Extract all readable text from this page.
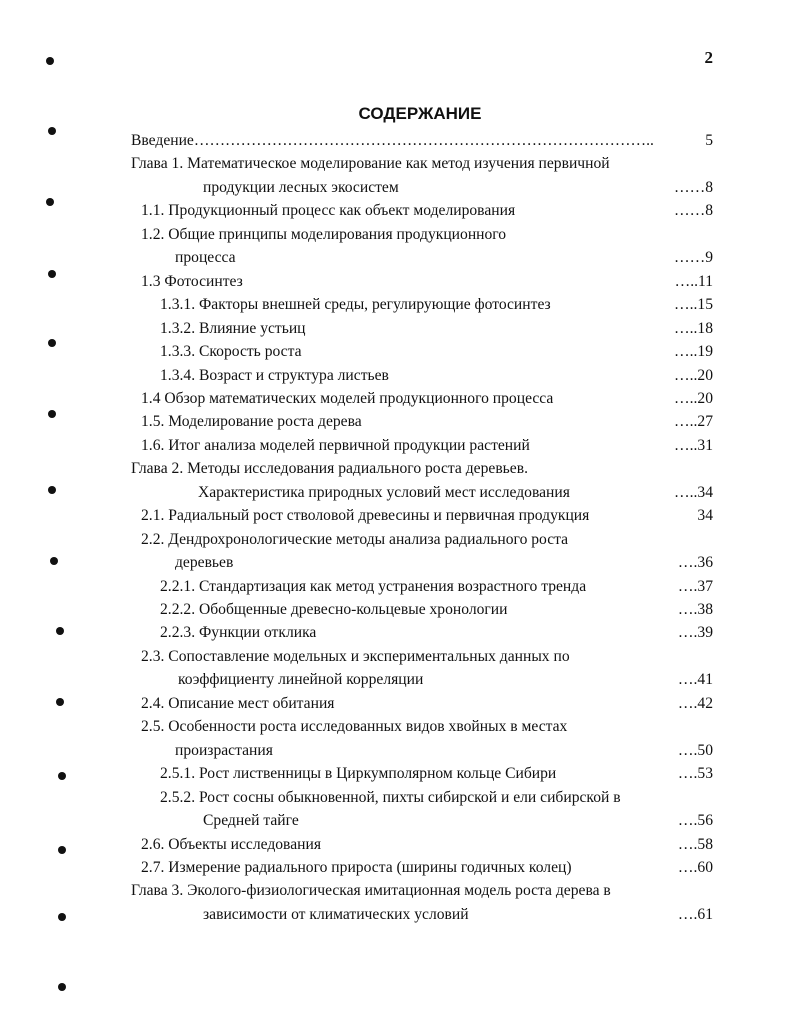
2
СОДЕРЖАНИЕ
Введение……………………………………………………………………………..	5
Глава 1. Математическое моделирование как метод изучения первичной
продукции лесных экосистем	……8
1.1. Продукционный процесс как объект моделирования	……8
1.2. Общие принципы моделирования продукционного
процесса	……9
1.3 Фотосинтез	…..11
1.3.1. Факторы внешней среды, регулирующие фотосинтез	…..15
1.3.2. Влияние устьиц	…..18
1.3.3. Скорость роста	…..19
1.3.4. Возраст и структура листьев	…..20
1.4 Обзор математических моделей продукционного процесса	…..20
1.5. Моделирование роста дерева	…..27
1.6. Итог анализа моделей первичной продукции растений	…..31
Глава 2. Методы исследования радиального роста деревьев.
Характеристика природных условий мест исследования	…..34
2.1. Радиальный рост стволовой древесины и первичная продукция	34
2.2. Дендрохронологические методы анализа радиального роста
деревьев	….36
2.2.1. Стандартизация как метод устранения возрастного тренда	….37
2.2.2. Обобщенные древесно-кольцевые хронологии	….38
2.2.3. Функции отклика	….39
2.3. Сопоставление модельных и экспериментальных данных по
коэффициенту линейной корреляции	….41
2.4. Описание мест обитания	….42
2.5. Особенности роста исследованных видов хвойных в местах
произрастания	….50
2.5.1. Рост лиственницы в Циркумполярном кольце Сибири	….53
2.5.2. Рост сосны обыкновенной, пихты сибирской и ели сибирской в
Средней тайге	….56
2.6. Объекты исследования	….58
2.7. Измерение радиального прироста (ширины годичных колец)	….60
Глава 3. Эколого-физиологическая имитационная модель роста дерева в
зависимости от климатических условий	….61
